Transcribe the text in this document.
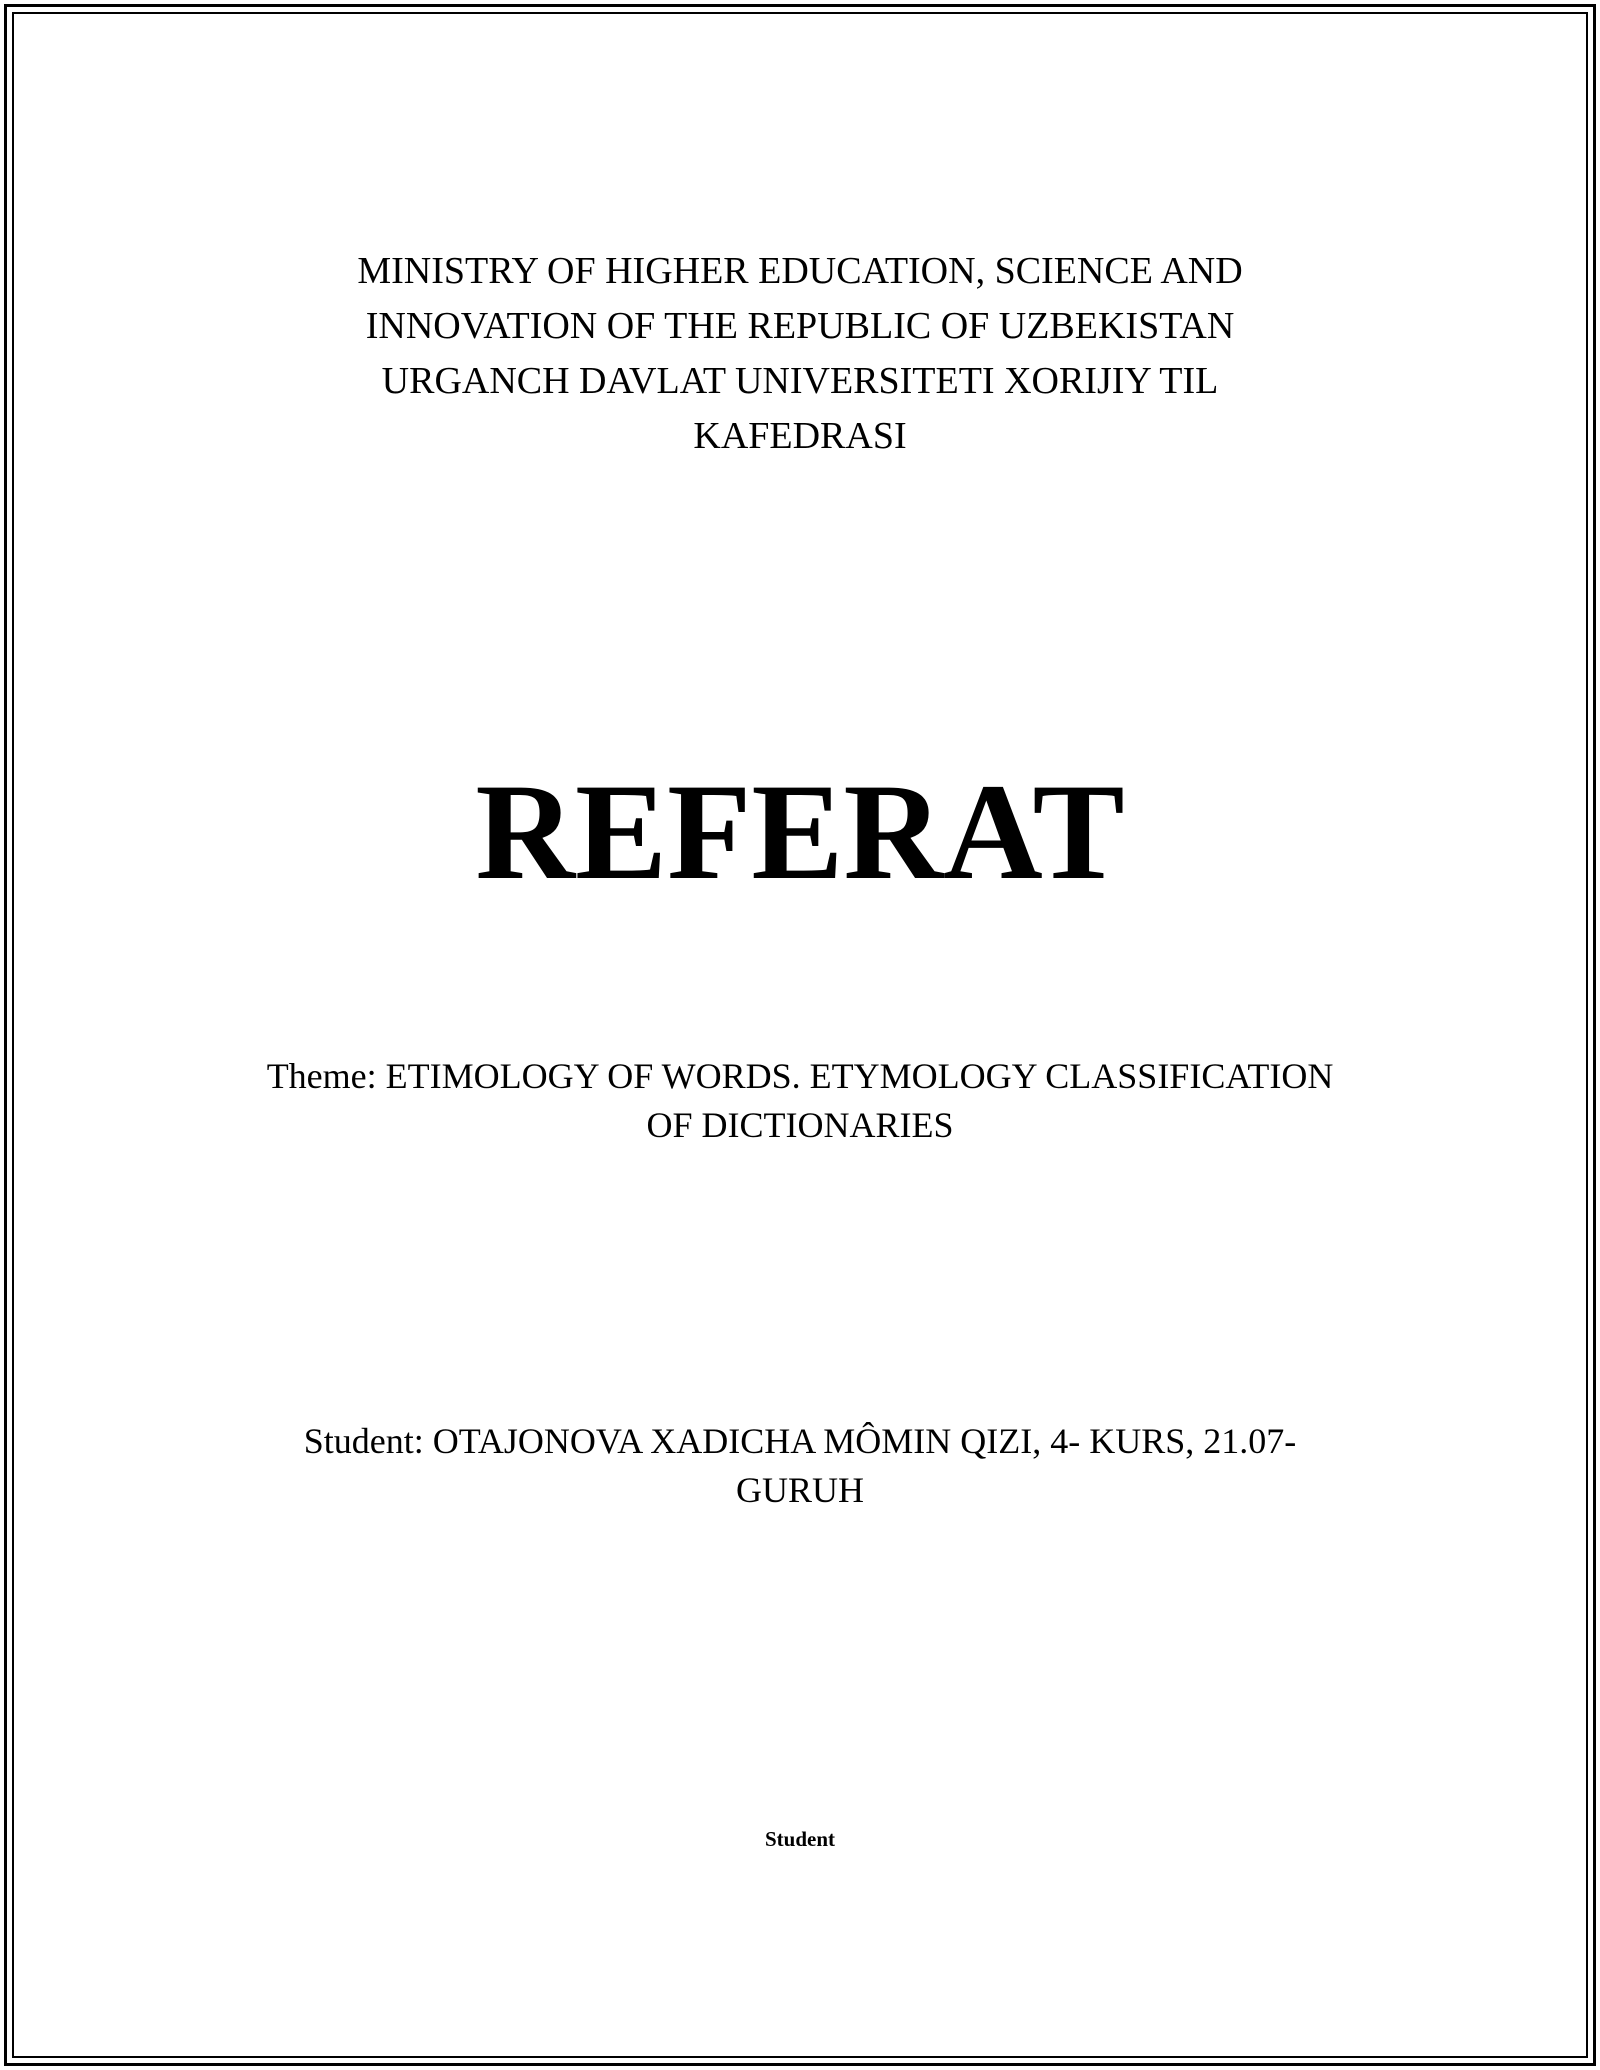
MINISTRY OF HIGHER EDUCATION, SCIENCE AND
INNOVATION OF THE REPUBLIC OF UZBEKISTAN
URGANCH DAVLAT UNIVERSITETI XORIJIY TIL
KAFEDRASI
REFERAT
Theme: ETIMOLOGY OF WORDS. ETYMOLOGY CLASSIFICATION
OF DICTIONARIES
Student: OTAJONOVA XADICHA MÔMIN QIZI, 4- KURS, 21.07-
GURUH
Student
